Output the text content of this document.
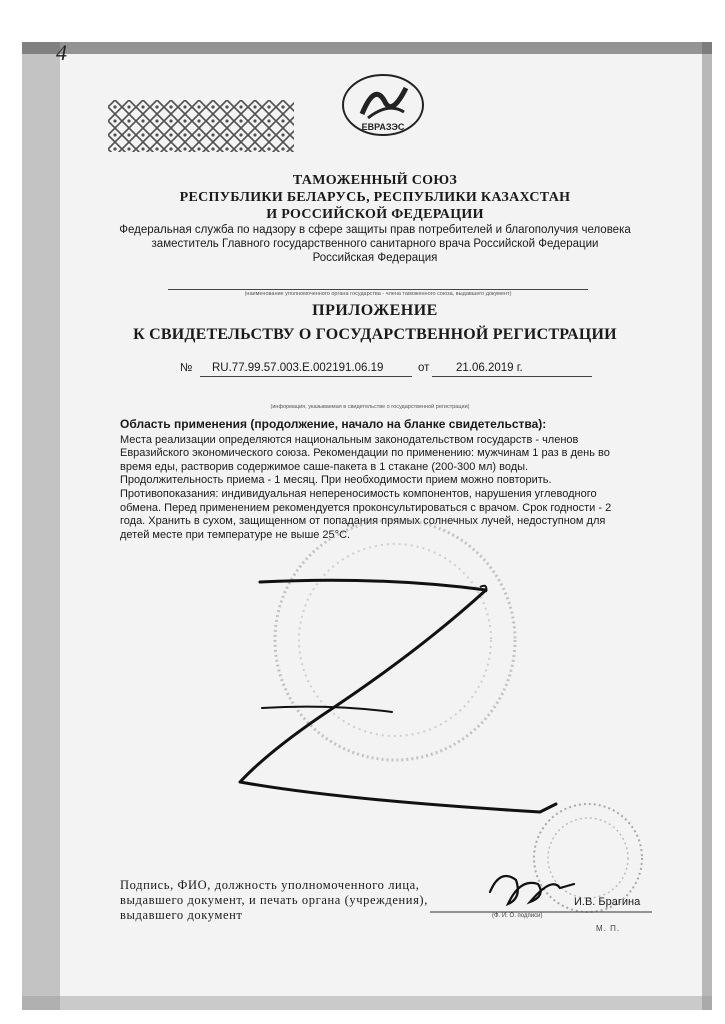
4
ЕВРАЗЭС
ТАМОЖЕННЫЙ СОЮЗ
РЕСПУБЛИКИ БЕЛАРУСЬ, РЕСПУБЛИКИ КАЗАХСТАН
И РОССИЙСКОЙ ФЕДЕРАЦИИ
Федеральная служба по надзору в сфере защиты прав потребителей и благополучия человека
заместитель Главного государственного санитарного врача Российской Федерации
Российская Федерация
(наименование уполномоченного органа государства - члена таможенного союза, выдавшего документ)
ПРИЛОЖЕНИЕ
К СВИДЕТЕЛЬСТВУ О ГОСУДАРСТВЕННОЙ РЕГИСТРАЦИИ
№ RU.77.99.57.003.Е.002191.06.19	от 21.06.2019 г.
(информация, указываемая в свидетельстве о государственной регистрации)

Область применения (продолжение, начало на бланке свидетельства):

Места реализации определяются национальным законодательством государств - членов Евразийского экономического союза. Рекомендации по применению: мужчинам 1 раз в день во время еды, растворив содержимое саше-пакета в 1 стакане (200-300 мл) воды.

Продолжительность приема - 1 месяц. При необходимости прием можно повторить.

Противопоказания: индивидуальная непереносимость компонентов, нарушения углеводного обмена. Перед применением рекомендуется проконсультироваться с врачом. Срок годности - 2 года. Хранить в сухом, защищенном от попадания прямых солнечных лучей, недоступном для детей месте при температуре не выше 25°С.

Подпись, ФИО, должность уполномоченного лица, выдавшего документ, и печать органа (учреждения), выдавшего документ
И.В. Брагина
(Ф. И. О. подписи)
М. П.
